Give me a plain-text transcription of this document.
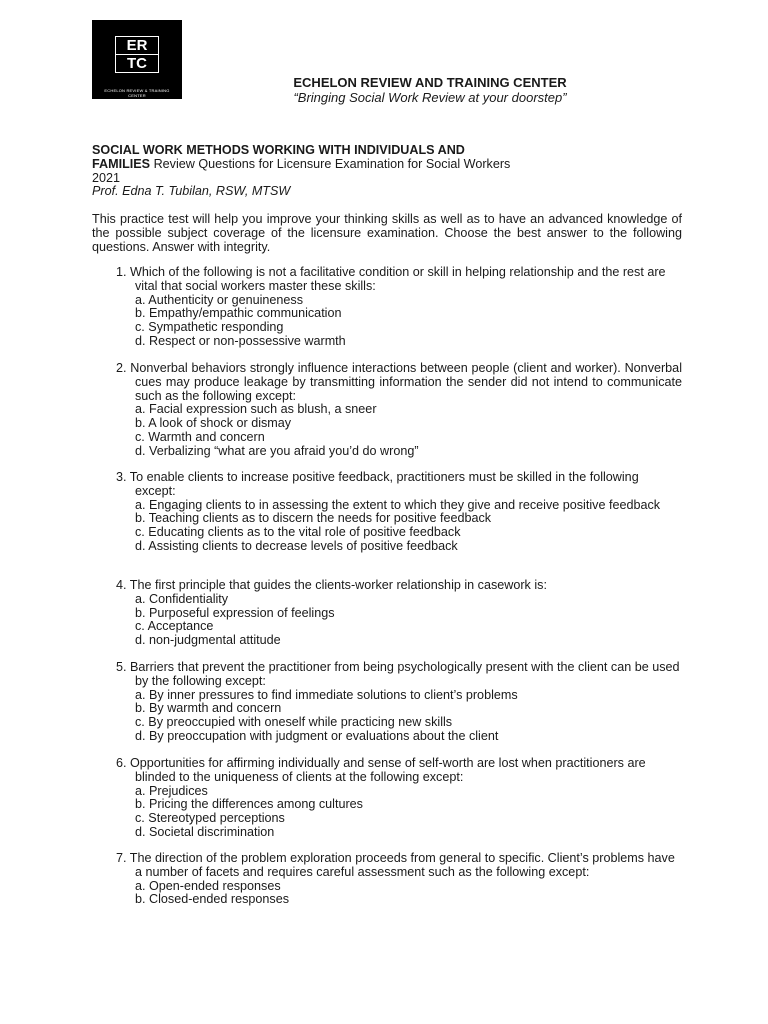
ER
TC
ECHELON REVIEW & TRAINING CENTER
ECHELON REVIEW AND TRAINING CENTER
“Bringing Social Work Review at your doorstep”
SOCIAL WORK METHODS WORKING WITH INDIVIDUALS AND
FAMILIES Review Questions for Licensure Examination for Social Workers
2021
Prof. Edna T. Tubilan, RSW, MTSW
This practice test will help you improve your thinking skills as well as to have an advanced knowledge of the possible subject coverage of the licensure examination. Choose the best answer to the following questions. Answer with integrity.
1. Which of the following is not a facilitative condition or skill in helping relationship and the rest are vital that social workers master these skills:
a. Authenticity or genuineness
b. Empathy/empathic communication
c. Sympathetic responding
d. Respect or non-possessive warmth
2. Nonverbal behaviors strongly influence interactions between people (client and worker). Nonverbal cues may produce leakage by transmitting information the sender did not intend to communicate such as the following except:
a. Facial expression such as blush, a sneer
b. A look of shock or dismay
c. Warmth and concern
d. Verbalizing “what are you afraid you’d do wrong”
3. To enable clients to increase positive feedback, practitioners must be skilled in the following except:
a. Engaging clients to in assessing the extent to which they give and receive positive feedback
b. Teaching clients as to discern the needs for positive feedback
c. Educating clients as to the vital role of positive feedback
d. Assisting clients to decrease levels of positive feedback
4. The first principle that guides the clients-worker relationship in casework is:
a. Confidentiality
b. Purposeful expression of feelings
c. Acceptance
d. non-judgmental attitude
5. Barriers that prevent the practitioner from being psychologically present with the client can be used by the following except:
a. By inner pressures to find immediate solutions to client’s problems
b. By warmth and concern
c. By preoccupied with oneself while practicing new skills
d. By preoccupation with judgment or evaluations about the client
6. Opportunities for affirming individually and sense of self-worth are lost when practitioners are blinded to the uniqueness of clients at the following except:
a. Prejudices
b. Pricing the differences among cultures
c. Stereotyped perceptions
d. Societal discrimination
7. The direction of the problem exploration proceeds from general to specific. Client’s problems have a number of facets and requires careful assessment such as the following except:
a. Open-ended responses
b. Closed-ended responses
